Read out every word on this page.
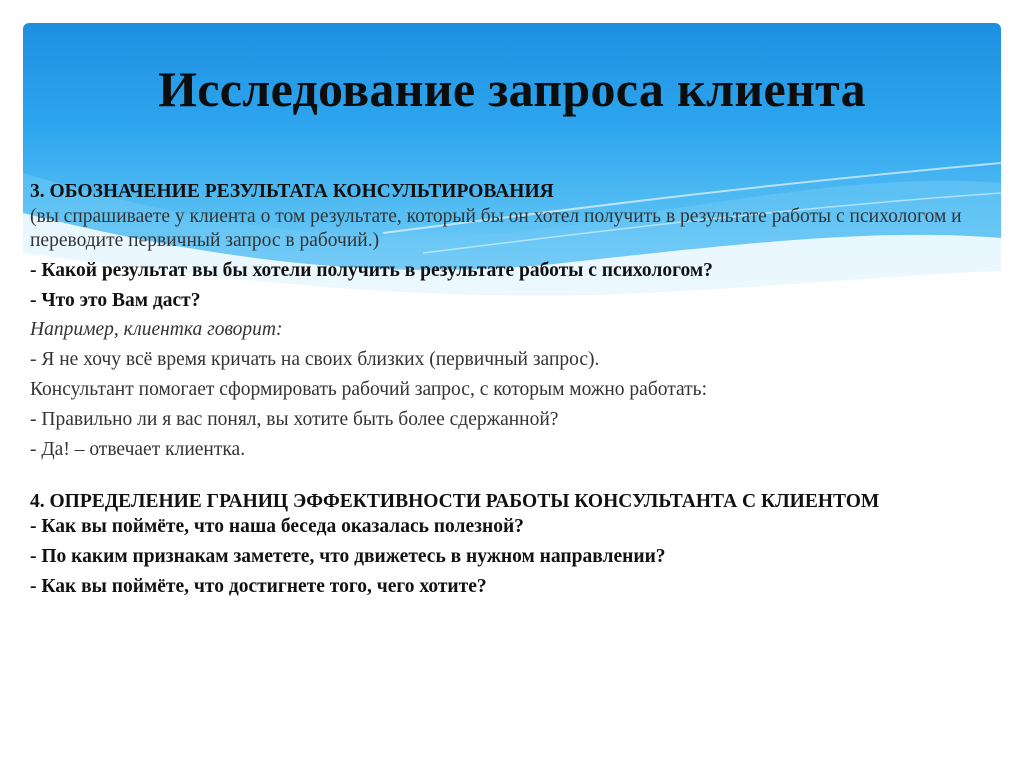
Исследование запроса клиента

3. ОБОЗНАЧЕНИЕ РЕЗУЛЬТАТА КОНСУЛЬТИРОВАНИЯ

(вы спрашиваете у клиента о том результате, который бы он хотел получить в результате работы с психологом и переводите первичный запрос в рабочий.)

- Какой результат вы бы хотели получить в результате работы с психологом?

- Что это Вам даст?

Например, клиентка говорит:

- Я не хочу всё время кричать на своих близких (первичный запрос).

Консультант помогает сформировать рабочий запрос, с которым можно работать:

- Правильно ли я вас понял, вы хотите быть более сдержанной?

- Да! – отвечает клиентка.

4. ОПРЕДЕЛЕНИЕ ГРАНИЦ ЭФФЕКТИВНОСТИ РАБОТЫ КОНСУЛЬТАНТА С КЛИЕНТОМ

- Как вы поймёте, что наша беседа оказалась полезной?

- По каким признакам заметете, что движетесь в нужном направлении?

- Как вы поймёте, что достигнете того, чего хотите?
